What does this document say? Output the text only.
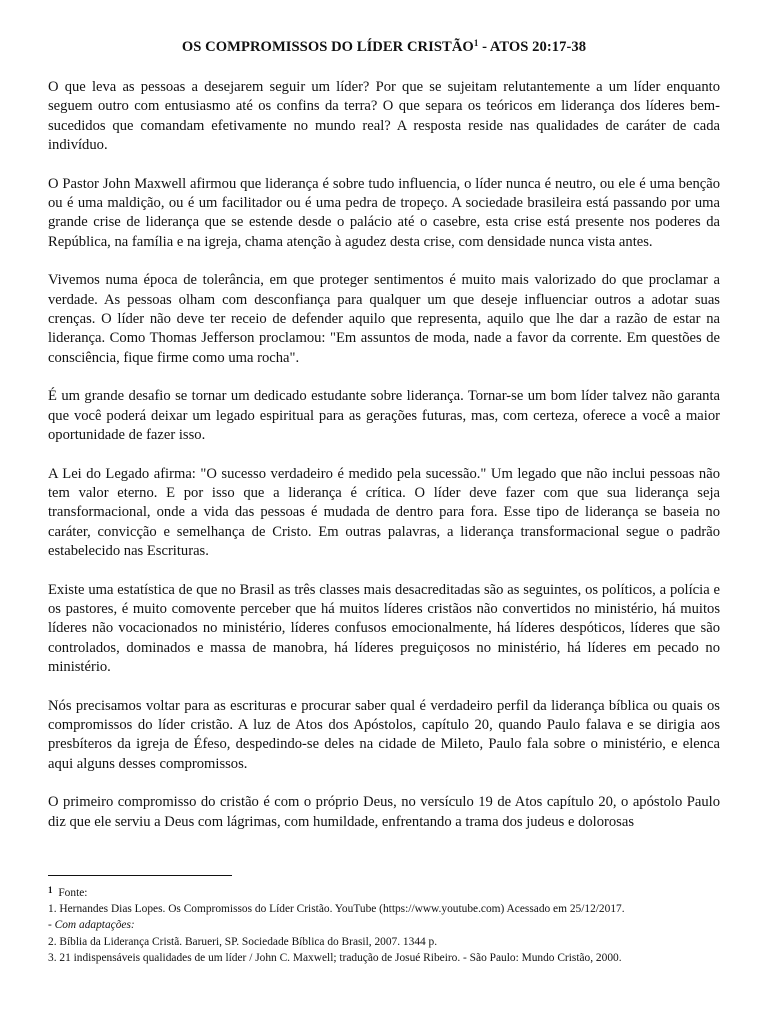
OS COMPROMISSOS DO LÍDER CRISTÃO$^1$ - ATOS 20:17-38

O que leva as pessoas a desejarem seguir um líder? Por que se sujeitam relutantemente a um líder enquanto seguem outro com entusiasmo até os confins da terra? O que separa os teóricos em liderança dos líderes bem-sucedidos que comandam efetivamente no mundo real? A resposta reside nas qualidades de caráter de cada indivíduo.

O Pastor John Maxwell afirmou que liderança é sobre tudo influencia, o líder nunca é neutro, ou ele é uma benção ou é uma maldição, ou é um facilitador ou é uma pedra de tropeço. A sociedade brasileira está passando por uma grande crise de liderança que se estende desde o palácio até o casebre, esta crise está presente nos poderes da República, na família e na igreja, chama atenção à agudez desta crise, com densidade nunca vista antes.

Vivemos numa época de tolerância, em que proteger sentimentos é muito mais valorizado do que proclamar a verdade. As pessoas olham com desconfiança para qualquer um que deseje influenciar outros a adotar suas crenças. O líder não deve ter receio de defender aquilo que representa, aquilo que lhe dar a razão de estar na liderança. Como Thomas Jefferson proclamou: "Em assuntos de moda, nade a favor da corrente. Em questões de consciência, fique firme como uma rocha".

É um grande desafio se tornar um dedicado estudante sobre liderança. Tornar-se um bom líder talvez não garanta que você poderá deixar um legado espiritual para as gerações futuras, mas, com certeza, oferece a você a maior oportunidade de fazer isso.

A Lei do Legado afirma: "O sucesso verdadeiro é medido pela sucessão." Um legado que não inclui pessoas não tem valor eterno. E por isso que a liderança é crítica. O líder deve fazer com que sua liderança seja transformacional, onde a vida das pessoas é mudada de dentro para fora. Esse tipo de liderança se baseia no caráter, convicção e semelhança de Cristo. Em outras palavras, a liderança transformacional segue o padrão estabelecido nas Escrituras.

Existe uma estatística de que no Brasil as três classes mais desacreditadas são as seguintes, os políticos, a polícia e os pastores, é muito comovente perceber que há muitos líderes cristãos não convertidos no ministério, há muitos líderes não vocacionados no ministério, líderes confusos emocionalmente, há líderes despóticos, líderes que são controlados, dominados e massa de manobra, há líderes preguiçosos no ministério, há líderes em pecado no ministério.

Nós precisamos voltar para as escrituras e procurar saber qual é verdadeiro perfil da liderança bíblica ou quais os compromissos do líder cristão. A luz de Atos dos Apóstolos, capítulo 20, quando Paulo falava e se dirigia aos presbíteros da igreja de Éfeso, despedindo-se deles na cidade de Mileto, Paulo fala sobre o ministério, e elenca aqui alguns desses compromissos.

O primeiro compromisso do cristão é com o próprio Deus, no versículo 19 de Atos capítulo 20, o apóstolo Paulo diz que ele serviu a Deus com lágrimas, com humildade, enfrentando a trama dos judeus e dolorosas

$^1$ Fonte:
1. Hernandes Dias Lopes. Os Compromissos do Líder Cristão. YouTube (https://www.youtube.com) Acessado em 25/12/2017.
- Com adaptações:
2. Bíblia da Liderança Cristã. Barueri, SP. Sociedade Bíblica do Brasil, 2007. 1344 p.
3. 21 indispensáveis qualidades de um líder / John C. Maxwell; tradução de Josué Ribeiro. - São Paulo: Mundo Cristão, 2000.
